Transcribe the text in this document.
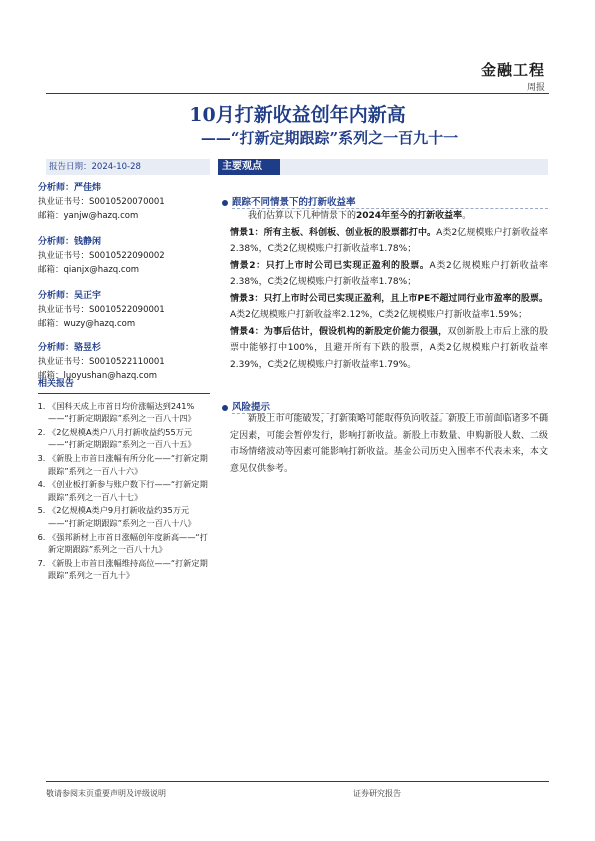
金融工程
周报
10月打新收益创年内新高
——“打新定期跟踪”系列之一百九十一
报告日期：2024-10-28	主要观点
分析师：严佳炜
执业证书号：S0010520070001
邮箱：yanjw@hazq.com
分析师：钱静闲
执业证书号：S0010522090002
邮箱：qianjx@hazq.com
分析师：吴正宇
执业证书号：S0010522090001
邮箱：wuzy@hazq.com
分析师：骆昱杉
执业证书号：S0010522110001
邮箱：luoyushan@hazq.com
相关报告
1. 《国科天成上市首日均价涨幅达到241%——“打新定期跟踪”系列之一百八十四》
2. 《2亿规模A类户八月打新收益约55万元——“打新定期跟踪”系列之一百八十五》
3. 《新股上市首日涨幅有所分化——“打新定期跟踪”系列之一百八十六》
4. 《创业板打新参与账户数下行——“打新定期跟踪”系列之一百八十七》
5. 《2亿规模A类户9月打新收益约35万元——“打新定期跟踪”系列之一百八十八》
6. 《强邦新材上市首日涨幅创年度新高——“打新定期跟踪”系列之一百八十九》
7. 《新股上市首日涨幅维持高位——“打新定期跟踪”系列之一百九十》
跟踪不同情景下的打新收益率

我们估算以下几种情景下的2024年至今的打新收益率。

情景1：所有主板、科创板、创业板的股票都打中。A类2亿规模账户打新收益率2.38%，C类2亿规模账户打新收益率1.78%；

情景2：只打上市时公司已实现正盈利的股票。A类2亿规模账户打新收益率2.38%，C类2亿规模账户打新收益率1.78%；

情景3：只打上市时公司已实现正盈利，且上市PE不超过同行业市盈率的股票。A类2亿规模账户打新收益率2.12%，C类2亿规模账户打新收益率1.59%；

情景4：为事后估计，假设机构的新股定价能力很强，双创新股上市后上涨的股票中能够打中100%，且避开所有下跌的股票，A类2亿规模账户打新收益率2.39%，C类2亿规模账户打新收益率1.79%。

风险提示

新股上市可能破发，打新策略可能取得负向收益。新股上市前面临诸多不确定因素，可能会暂停发行，影响打新收益。新股上市数量、申购新股人数、二级市场情绪波动等因素可能影响打新收益。基金公司历史入围率不代表未来，本文意见仅供参考。

敬请参阅末页重要声明及评级说明	证券研究报告
